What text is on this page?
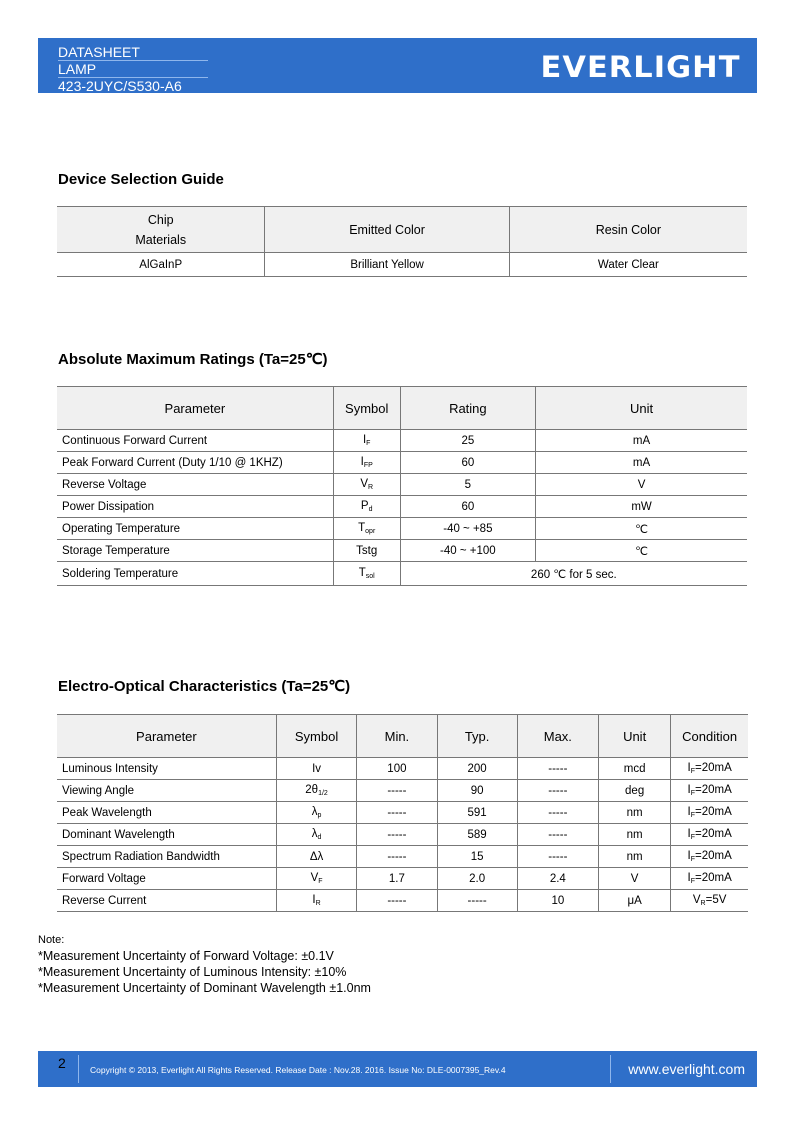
DATASHEET
LAMP
423-2UYC/S530-A6
EVERLIGHT
Device Selection Guide
Chip
Materials	Emitted Color	Resin Color
AlGaInP	Brilliant Yellow	Water Clear
Absolute Maximum Ratings (Ta=25℃)
Parameter	Symbol	Rating	Unit
Continuous Forward Current	$I_F$	25	mA
Peak Forward Current (Duty 1/10 @ 1KHZ)	$I_{FP}$	60	mA
Reverse Voltage	$V_R$	5	V
Power Dissipation	$P_d$	60	mW
Operating Temperature	$T_{opr}$	-40 ~ +85	℃
Storage Temperature	Tstg	-40 ~ +100	℃
Soldering Temperature	$T_{sol}$	260 ℃ for 5 sec.	
Electro-Optical Characteristics (Ta=25℃)
Parameter	Symbol	Min.	Typ.	Max.	Unit	Condition
Luminous Intensity	Iv	100	200	-----	mcd	$I_F=20mA$
Viewing Angle	$2\theta_{1/2}$	-----	90	-----	deg	$I_F=20mA$
Peak Wavelength	$\lambda_p$	-----	591	-----	nm	$I_F=20mA$
Dominant Wavelength	$\lambda_d$	-----	589	-----	nm	$I_F=20mA$
Spectrum Radiation Bandwidth	Δλ	-----	15	-----	nm	$I_F=20mA$
Forward Voltage	$V_F$	1.7	2.0	2.4	V	$I_F=20mA$
Reverse Current	$I_R$	-----	-----	10	μA	$V_R=5V$
Note:
*Measurement Uncertainty of Forward Voltage: ±0.1V
*Measurement Uncertainty of Luminous Intensity: ±10%
*Measurement Uncertainty of Dominant Wavelength ±1.0nm
2	Copyright © 2013, Everlight All Rights Reserved. Release Date : Nov.28. 2016. Issue No: DLE-0007395_Rev.4	www.everlight.com
